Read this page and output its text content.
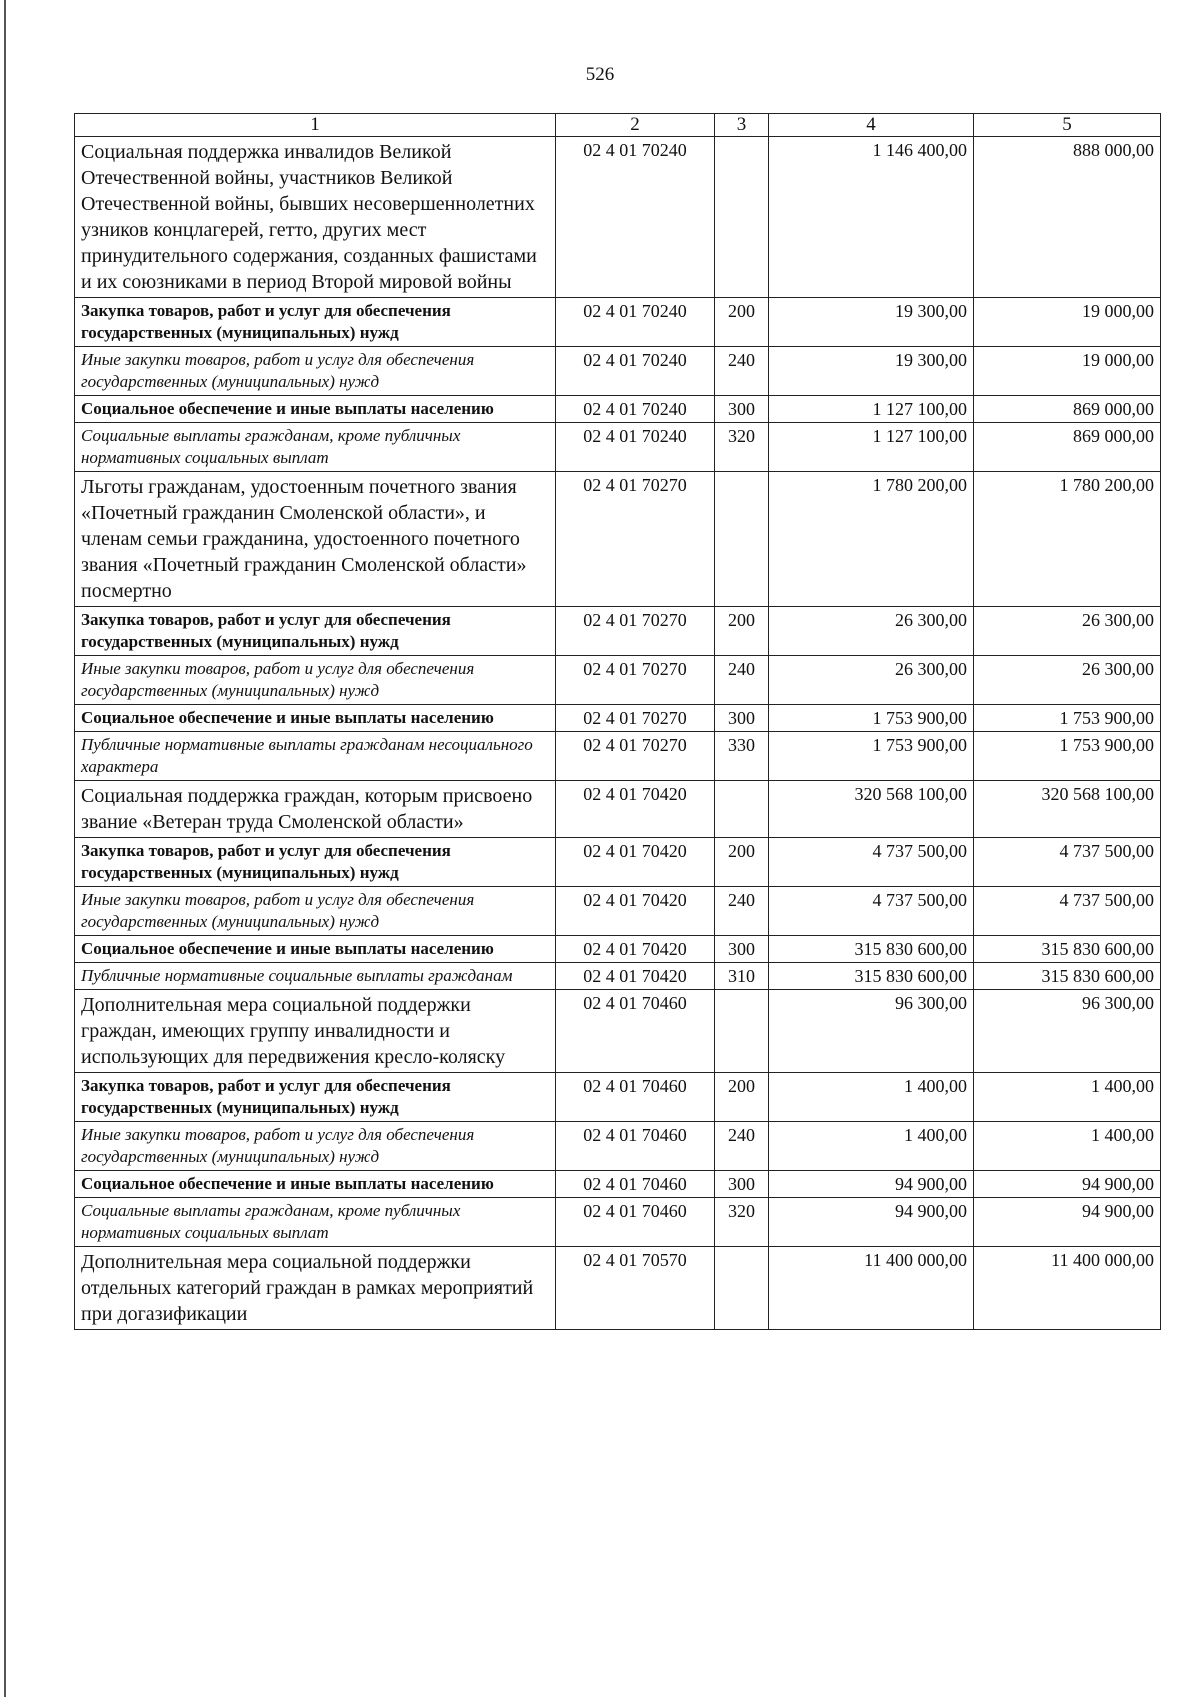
526
1	2	3	4	5
Социальная поддержка инвалидов Великой Отечественной войны, участников Великой Отечественной войны, бывших несовершеннолетних узников концлагерей, гетто, других мест принудительного содержания, созданных фашистами и их союзниками в период Второй мировой войны	02 4 01 70240		1 146 400,00	888 000,00
Закупка товаров, работ и услуг для обеспечения государственных (муниципальных) нужд	02 4 01 70240	200	19 300,00	19 000,00
Иные закупки товаров, работ и услуг для обеспечения государственных (муниципальных) нужд	02 4 01 70240	240	19 300,00	19 000,00
Социальное обеспечение и иные выплаты населению	02 4 01 70240	300	1 127 100,00	869 000,00
Социальные выплаты гражданам, кроме публичных нормативных социальных выплат	02 4 01 70240	320	1 127 100,00	869 000,00
Льготы гражданам, удостоенным почетного звания «Почетный гражданин Смоленской области», и членам семьи гражданина, удостоенного почетного звания «Почетный гражданин Смоленской области» посмертно	02 4 01 70270		1 780 200,00	1 780 200,00
Закупка товаров, работ и услуг для обеспечения государственных (муниципальных) нужд	02 4 01 70270	200	26 300,00	26 300,00
Иные закупки товаров, работ и услуг для обеспечения государственных (муниципальных) нужд	02 4 01 70270	240	26 300,00	26 300,00
Социальное обеспечение и иные выплаты населению	02 4 01 70270	300	1 753 900,00	1 753 900,00
Публичные нормативные выплаты гражданам несоциального характера	02 4 01 70270	330	1 753 900,00	1 753 900,00
Социальная поддержка граждан, которым присвоено звание «Ветеран труда Смоленской области»	02 4 01 70420		320 568 100,00	320 568 100,00
Закупка товаров, работ и услуг для обеспечения государственных (муниципальных) нужд	02 4 01 70420	200	4 737 500,00	4 737 500,00
Иные закупки товаров, работ и услуг для обеспечения государственных (муниципальных) нужд	02 4 01 70420	240	4 737 500,00	4 737 500,00
Социальное обеспечение и иные выплаты населению	02 4 01 70420	300	315 830 600,00	315 830 600,00
Публичные нормативные социальные выплаты гражданам	02 4 01 70420	310	315 830 600,00	315 830 600,00
Дополнительная мера социальной поддержки граждан, имеющих группу инвалидности и использующих для передвижения кресло-коляску	02 4 01 70460		96 300,00	96 300,00
Закупка товаров, работ и услуг для обеспечения государственных (муниципальных) нужд	02 4 01 70460	200	1 400,00	1 400,00
Иные закупки товаров, работ и услуг для обеспечения государственных (муниципальных) нужд	02 4 01 70460	240	1 400,00	1 400,00
Социальное обеспечение и иные выплаты населению	02 4 01 70460	300	94 900,00	94 900,00
Социальные выплаты гражданам, кроме публичных нормативных социальных выплат	02 4 01 70460	320	94 900,00	94 900,00
Дополнительная мера социальной поддержки отдельных категорий граждан в рамках мероприятий при догазификации	02 4 01 70570		11 400 000,00	11 400 000,00
